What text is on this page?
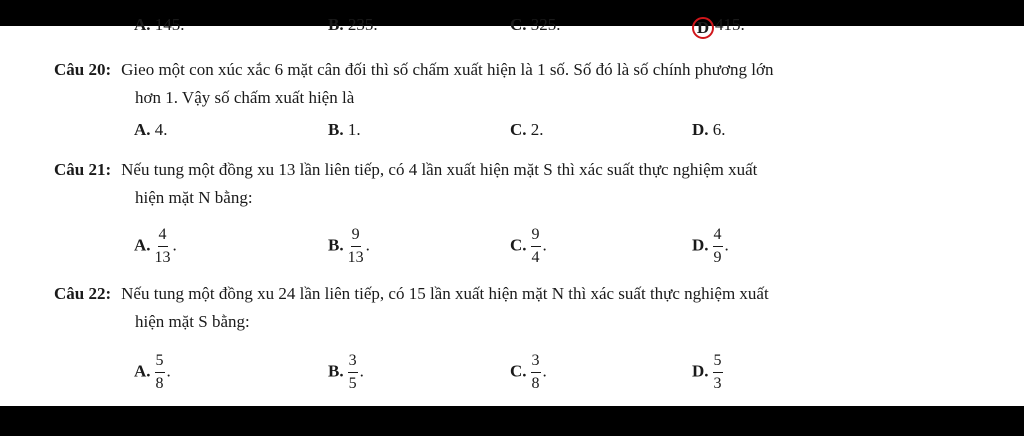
A. 145.	B. 235.	C. 325.	D 415.
Câu 20: Gieo một con xúc xắc 6 mặt cân đối thì số chấm xuất hiện là 1 số. Số đó là số chính phương lớn
hơn 1. Vậy số chấm xuất hiện là
A. 4.	B. 1.	C. 2.	D. 6.
Câu 21: Nếu tung một đồng xu 13 lần liên tiếp, có 4 lần xuất hiện mặt S thì xác suất thực nghiệm xuất
hiện mặt N bằng:
A. $\frac{4}{13}$ .	B. $\frac{9}{13}$ .	C. $\frac{9}{4}$ .	D. $\frac{4}{9}$ .
Câu 22: Nếu tung một đồng xu 24 lần liên tiếp, có 15 lần xuất hiện mặt N thì xác suất thực nghiệm xuất
hiện mặt S bằng:
A. $\frac{5}{8}$ .	B. $\frac{3}{5}$ .	C. $\frac{3}{8}$ .	D. $\frac{5}{3}$
